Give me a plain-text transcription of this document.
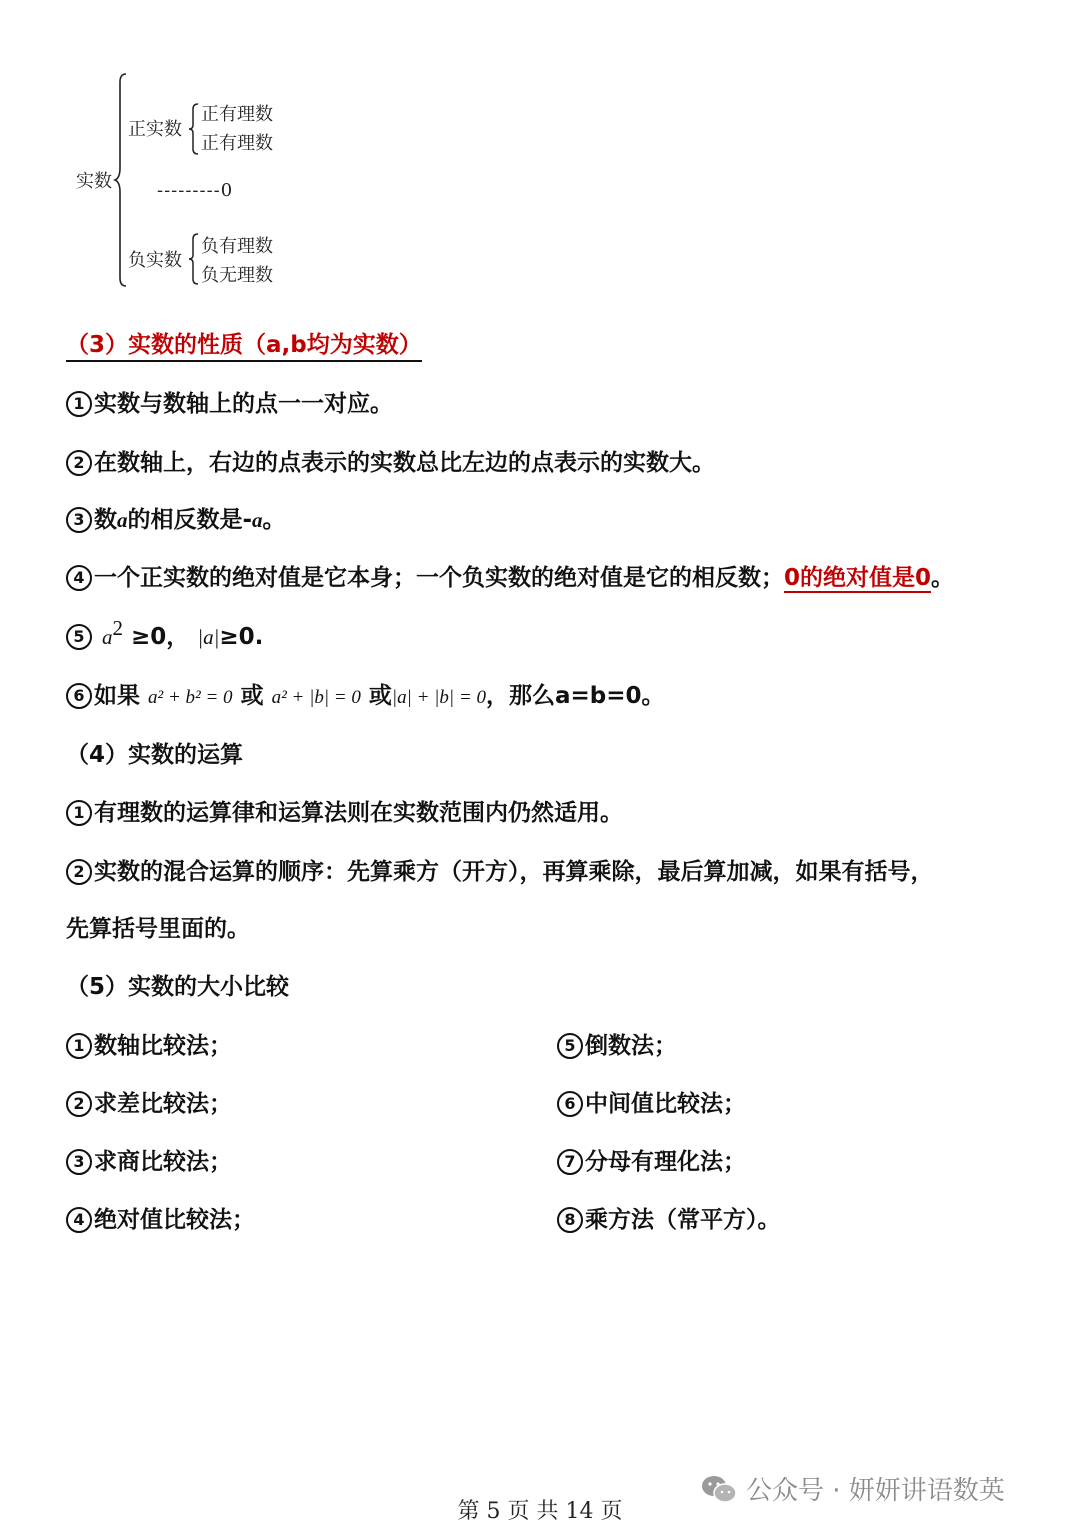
实数
正实数
正有理数
正有理数
---------0
负实数
负有理数
负无理数
（3）实数的性质（a,b均为实数）
1 实数与数轴上的点一一对应。
2 在数轴上，右边的点表示的实数总比左边的点表示的实数大。
3 数a的相反数是-a。
4 一个正实数的绝对值是它本身；一个负实数的绝对值是它的相反数；0的绝对值是0。
5 $a^2 \ge 0$， |a|≥0.
6 如果 a² + b² = 0 或 a² + |b| = 0 或|a| + |b| = 0，那么a=b=0。
（4）实数的运算
1 有理数的运算律和运算法则在实数范围内仍然适用。
2 实数的混合运算的顺序：先算乘方（开方），再算乘除，最后算加减，如果有括号，
先算括号里面的。
（5）实数的大小比较
1 数轴比较法；
2 求差比较法；
3 求商比较法；
4 绝对值比较法；
5 倒数法；
6 中间值比较法；
7 分母有理化法；
8 乘方法（常平方）。
公众号 · 妍妍讲语数英
第 5 页 共 14 页
